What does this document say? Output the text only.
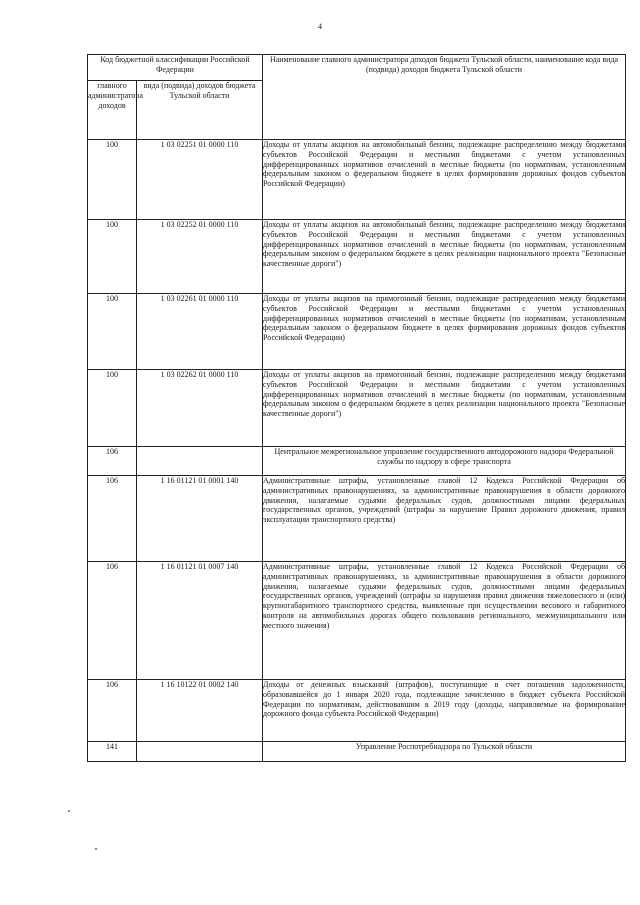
4
Код бюджетной классификации Российской Федерации		Наименование главного администратора доходов бюджета Тульской области, наименование кода вида (подвида) доходов бюджета Тульской области
главного администратора доходов	вида (подвида) доходов бюджета Тульской области	
100	1 03 02251 01 0000 110	Доходы от уплаты акцизов на автомобильный бензин, подлежащие распределению между бюджетами субъектов Российской Федерации и местными бюджетами с учетом установленных дифференцированных нормативов отчислений в местные бюджеты (по нормативам, установленным федеральным законом о федеральном бюджете в целях формирования дорожных фондов субъектов Российской Федерации)
100	1 03 02252 01 0000 110	Доходы от уплаты акцизов на автомобильный бензин, подлежащие распределению между бюджетами субъектов Российской Федерации и местными бюджетами с учетом установленных дифференцированных нормативов отчислений в местные бюджеты (по нормативам, установленным федеральным законом о федеральном бюджете в целях реализации национального проекта "Безопасные качественные дороги")
100	1 03 02261 01 0000 110	Доходы от уплаты акцизов на прямогонный бензин, подлежащие распределению между бюджетами субъектов Российской Федерации и местными бюджетами с учетом установленных дифференцированных нормативов отчислений в местные бюджеты (по нормативам, установленным федеральным законом о федеральном бюджете в целях формирования дорожных фондов субъектов Российской Федерации)
100	1 03 02262 01 0000 110	Доходы от уплаты акцизов на прямогонный бензин, подлежащие распределению между бюджетами субъектов Российской Федерации и местными бюджетами с учетом установленных дифференцированных нормативов отчислений в местные бюджеты (по нормативам, установленным федеральным законом о федеральном бюджете в целях реализации национального проекта "Безопасные качественные дороги")
106		Центральное межрегиональное управление государственного автодорожного надзора Федеральной службы по надзору в сфере транспорта
106	1 16 01121 01 0001 140	Административные штрафы, установленные главой 12 Кодекса Российской Федерации об административных правонарушениях, за административные правонарушения в области дорожного движения, налагаемые судьями федеральных судов, должностными лицами федеральных государственных органов, учреждений (штрафы за нарушение Правил дорожного движения, правил эксплуатации транспортного средства)
106	1 16 01121 01 0007 140	Административные штрафы, установленные главой 12 Кодекса Российской Федерации об административных правонарушениях, за административные правонарушения в области дорожного движения, налагаемые судьями федеральных судов, должностными лицами федеральных государственных органов, учреждений (штрафы за нарушения правил движения тяжеловесного и (или) крупногабаритного транспортного средства, выявленные при осуществлении весового и габаритного контроля на автомобильных дорогах общего пользования регионального, межмуниципального или местного значения)
106	1 16 10122 01 0002 140	Доходы от денежных взысканий (штрафов), поступающие в счет погашения задолженности, образовавшейся до 1 января 2020 года, подлежащие зачислению в бюджет субъекта Российской Федерации по нормативам, действовавшим в 2019 году (доходы, направляемые на формирование дорожного фонда субъекта Российской Федерации)
141		Управление Роспотребнадзора по Тульской области
